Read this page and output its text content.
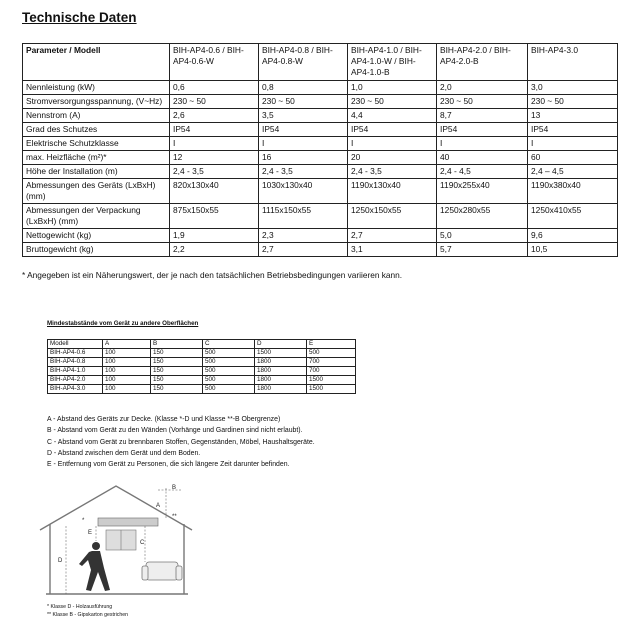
Technische Daten
Parameter / Modell	BIH-AP4-0.6 / BIH-AP4-0.6-W	BIH-AP4-0.8 / BIH-AP4-0.8-W	BIH-AP4-1.0 / BIH-AP4-1.0-W / BIH-AP4-1.0-B	BIH-AP4-2.0 / BIH-AP4-2.0-B	BIH-AP4-3.0
Nennleistung (kW)	0,6	0,8	1,0	2,0	3,0
Stromversorgungsspannung, (V~Hz)	230 ~ 50	230 ~ 50	230 ~ 50	230 ~ 50	230 ~ 50
Nennstrom (A)	2,6	3,5	4,4	8,7	13
Grad des Schutzes	IP54	IP54	IP54	IP54	IP54
Elektrische Schutzklasse	I	I	I	I	I
max. Heizfläche (m²)*	12	16	20	40	60
Höhe der Installation (m)	2,4 - 3,5	2,4 - 3,5	2,4 - 3,5	2,4 - 4,5	2,4 – 4,5
Abmessungen des Geräts (LxBxH) (mm)	820x130x40	1030x130x40	1190x130x40	1190x255x40	1190x380x40
Abmessungen der Verpackung (LxBxH) (mm)	875x150x55	1115x150x55	1250x150x55	1250x280x55	1250x410x55
Nettogewicht (kg)	1,9	2,3	2,7	5,0	9,6
Bruttogewicht (kg)	2,2	2,7	3,1	5,7	10,5
* Angegeben ist ein Näherungswert, der je nach den tatsächlichen Betriebsbedingungen variieren kann.
Mindestabstände vom Gerät zu andere Oberflächen
Modell	A	B	C	D	E
BIH-AP4-0.6	100	150	500	1500	500
BIH-AP4-0.8	100	150	500	1800	700
BIH-AP4-1.0	100	150	500	1800	700
BIH-AP4-2.0	100	150	500	1800	1500
BIH-AP4-3.0	100	150	500	1800	1500
A - Abstand des Geräts zur Decke. (Klasse *-D und Klasse **-B Obergrenze)
B - Abstand vom Gerät zu den Wänden (Vorhänge und Gardinen sind nicht erlaubt).
C - Abstand vom Gerät zu brennbaren Stoffen, Gegenständen, Möbel, Haushaltsgeräte.
D - Abstand zwischen dem Gerät und dem Boden.
E - Entfernung vom Gerät zu Personen, die sich längere Zeit darunter befinden.
A
B
C
D
E
*
**
* Klasse D - Holzausführung
** Klasse B - Gipskarton gestrichen
